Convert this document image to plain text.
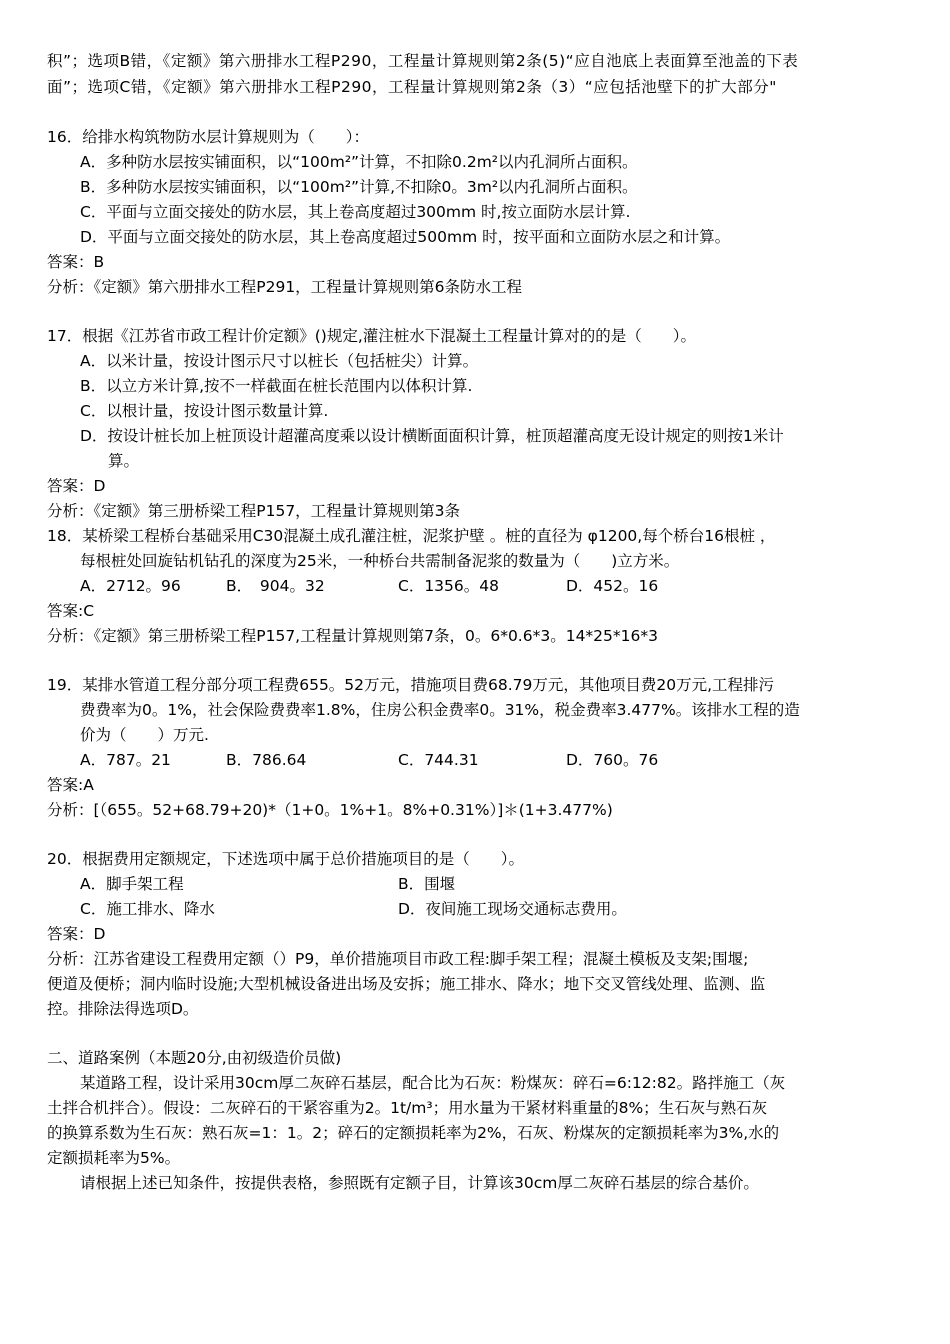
积”；选项B错，《定额》第六册排水工程P290，工程量计算规则第2条(5)“应自池底上表面算至池盖的下表
面”；选项C错，《定额》第六册排水工程P290，工程量计算规则第2条（3）“应包括池壁下的扩大部分"
16．给排水构筑物防水层计算规则为（　　）：
A．多种防水层按实铺面积，以“100m²”计算，不扣除0.2m²以内孔洞所占面积。
B．多种防水层按实铺面积，以“100m²”计算,不扣除0。3m²以内孔洞所占面积。
C．平面与立面交接处的防水层，其上卷高度超过300mm 时,按立面防水层计算.
D．平面与立面交接处的防水层，其上卷高度超过500mm 时，按平面和立面防水层之和计算。
答案：B
分析：《定额》第六册排水工程P291，工程量计算规则第6条防水工程
17．根据《江苏省市政工程计价定额》()规定,灌注桩水下混凝土工程量计算对的的是（　　）。
A．以米计量，按设计图示尺寸以桩长（包括桩尖）计算。
B．以立方米计算,按不一样截面在桩长范围内以体积计算.
C．以根计量，按设计图示数量计算.
D．按设计桩长加上桩顶设计超灌高度乘以设计横断面面积计算，桩顶超灌高度无设计规定的则按1米计
算。
答案：D
分析：《定额》第三册桥梁工程P157，工程量计算规则第3条
18．某桥梁工程桥台基础采用C30混凝土成孔灌注桩，泥浆护壁 。桩的直径为 φ1200,每个桥台16根桩 ，
每根桩处回旋钻机钻孔的深度为25米，一种桥台共需制备泥浆的数量为（　　)立方米。
A．2712。96	B．　904。32	C．1356。48	D．452。16
答案:C
分析：《定额》第三册桥梁工程P157,工程量计算规则第7条，0。6*0.6*3。14*25*16*3
19．某排水管道工程分部分项工程费655。52万元，措施项目费68.79万元，其他项目费20万元,工程排污
费费率为0。1%，社会保险费费率1.8%，住房公积金费率0。31%，税金费率3.477%。该排水工程的造
价为（　　）万元.
A．787。21	B．786.64	C．744.31	D．760。76
答案:A
分析：[（655。52+68.79+20)*（1+0。1%+1。8%+0.31%）]＊(1+3.477%)
20．根据费用定额规定，下述选项中属于总价措施项目的是（　　）。
A．脚手架工程	B．围堰
C．施工排水、降水	D．夜间施工现场交通标志费用。
答案：D
分析：江苏省建设工程费用定额（）P9，单价措施项目市政工程:脚手架工程；混凝土模板及支架;围堰;
便道及便桥；洞内临时设施;大型机械设备进出场及安拆；施工排水、降水；地下交叉管线处理、监测、监
控。排除法得选项D。
二、道路案例（本题20分,由初级造价员做)
某道路工程，设计采用30cm厚二灰碎石基层，配合比为石灰：粉煤灰：碎石=6:12:82。路拌施工（灰
土拌合机拌合）。假设：二灰碎石的干紧容重为2。1t/m³；用水量为干紧材料重量的8%；生石灰与熟石灰
的换算系数为生石灰：熟石灰=1：1。2；碎石的定额损耗率为2%，石灰、粉煤灰的定额损耗率为3%,水的
定额损耗率为5%。
请根据上述已知条件，按提供表格，参照既有定额子目，计算该30cm厚二灰碎石基层的综合基价。
